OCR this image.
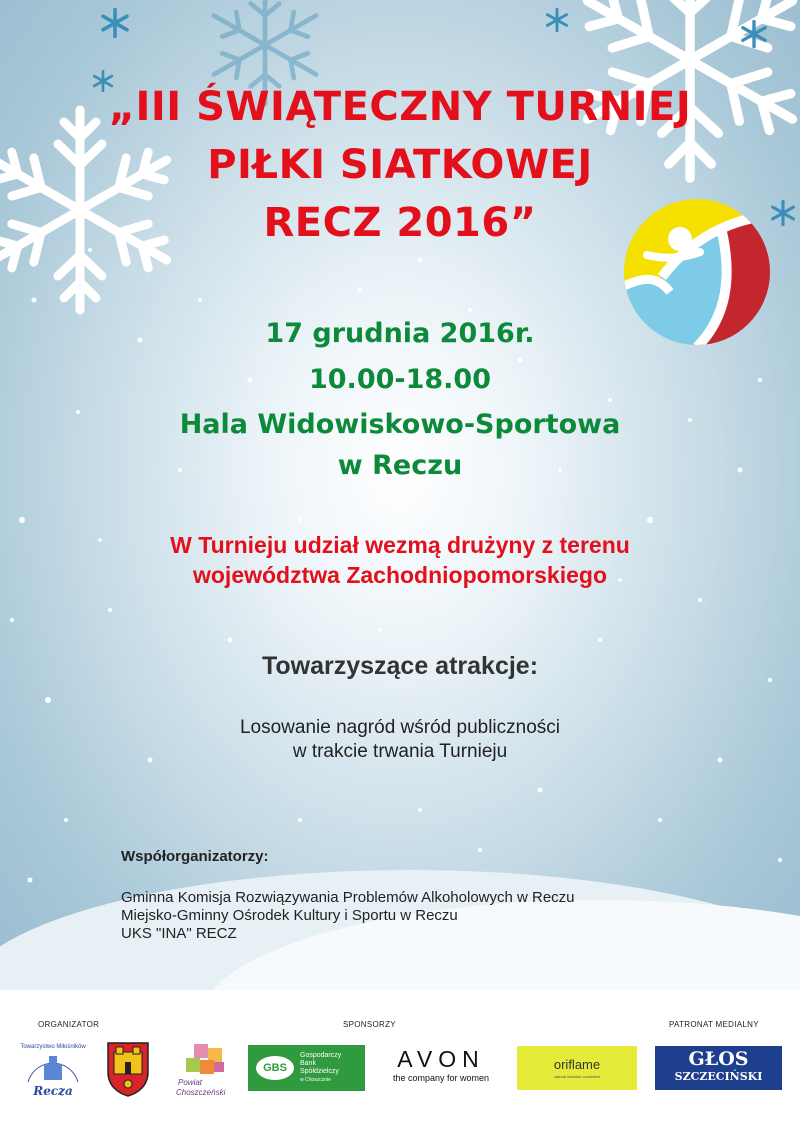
„III ŚWIĄTECZNY TURNIEJ
PIŁKI SIATKOWEJ
RECZ 2016”
17 grudnia 2016r.
10.00-18.00
Hala Widowiskowo-Sportowa
w Reczu
W Turnieju udział wezmą drużyny z terenu
województwa Zachodniopomorskiego
Towarzyszące atrakcje:
Losowanie nagród wśród publiczności
w trakcie trwania Turnieju
Współorganizatorzy:
Gminna Komisja Rozwiązywania Problemów Alkoholowych w Reczu
Miejsko-Gminny Ośrodek Kultury i Sportu w Reczu
UKS "INA" RECZ
ORGANIZATOR	SPONSORZY	PATRONAT MEDIALNY
Towarzystwo Miłośników
Recza
Powiat
Choszczeński
GBS
Gospodarczy
Bank
Spółdzielczy
w Choszcznie
AVON
the company for women
oriflame
natural swedish cosmetics
GŁOS
SZCZECIŃSKI
